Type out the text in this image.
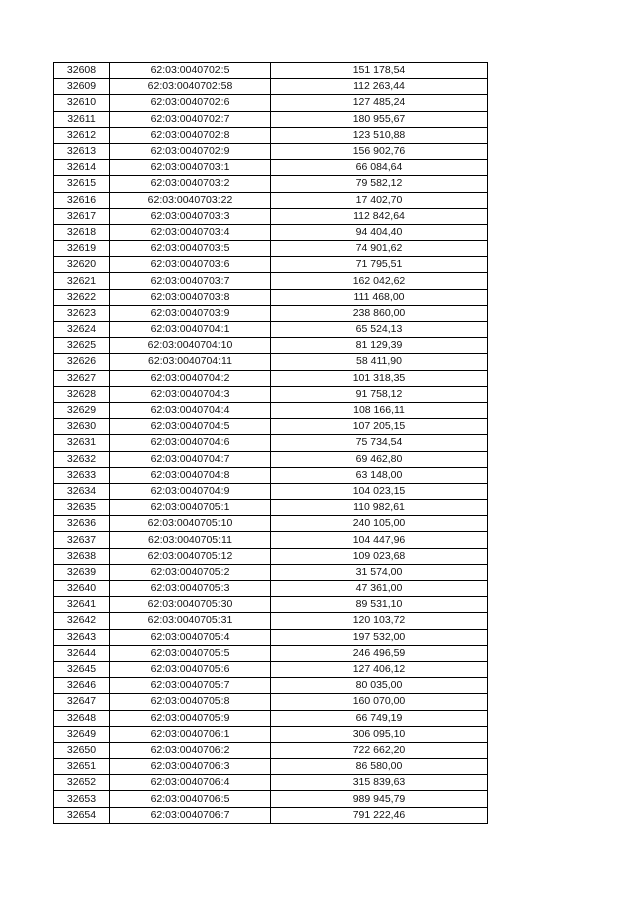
32608	62:03:0040702:5	151 178,54
32609	62:03:0040702:58	112 263,44
32610	62:03:0040702:6	127 485,24
32611	62:03:0040702:7	180 955,67
32612	62:03:0040702:8	123 510,88
32613	62:03:0040702:9	156 902,76
32614	62:03:0040703:1	66 084,64
32615	62:03:0040703:2	79 582,12
32616	62:03:0040703:22	17 402,70
32617	62:03:0040703:3	112 842,64
32618	62:03:0040703:4	94 404,40
32619	62:03:0040703:5	74 901,62
32620	62:03:0040703:6	71 795,51
32621	62:03:0040703:7	162 042,62
32622	62:03:0040703:8	111 468,00
32623	62:03:0040703:9	238 860,00
32624	62:03:0040704:1	65 524,13
32625	62:03:0040704:10	81 129,39
32626	62:03:0040704:11	58 411,90
32627	62:03:0040704:2	101 318,35
32628	62:03:0040704:3	91 758,12
32629	62:03:0040704:4	108 166,11
32630	62:03:0040704:5	107 205,15
32631	62:03:0040704:6	75 734,54
32632	62:03:0040704:7	69 462,80
32633	62:03:0040704:8	63 148,00
32634	62:03:0040704:9	104 023,15
32635	62:03:0040705:1	110 982,61
32636	62:03:0040705:10	240 105,00
32637	62:03:0040705:11	104 447,96
32638	62:03:0040705:12	109 023,68
32639	62:03:0040705:2	31 574,00
32640	62:03:0040705:3	47 361,00
32641	62:03:0040705:30	89 531,10
32642	62:03:0040705:31	120 103,72
32643	62:03:0040705:4	197 532,00
32644	62:03:0040705:5	246 496,59
32645	62:03:0040705:6	127 406,12
32646	62:03:0040705:7	80 035,00
32647	62:03:0040705:8	160 070,00
32648	62:03:0040705:9	66 749,19
32649	62:03:0040706:1	306 095,10
32650	62:03:0040706:2	722 662,20
32651	62:03:0040706:3	86 580,00
32652	62:03:0040706:4	315 839,63
32653	62:03:0040706:5	989 945,79
32654	62:03:0040706:7	791 222,46
